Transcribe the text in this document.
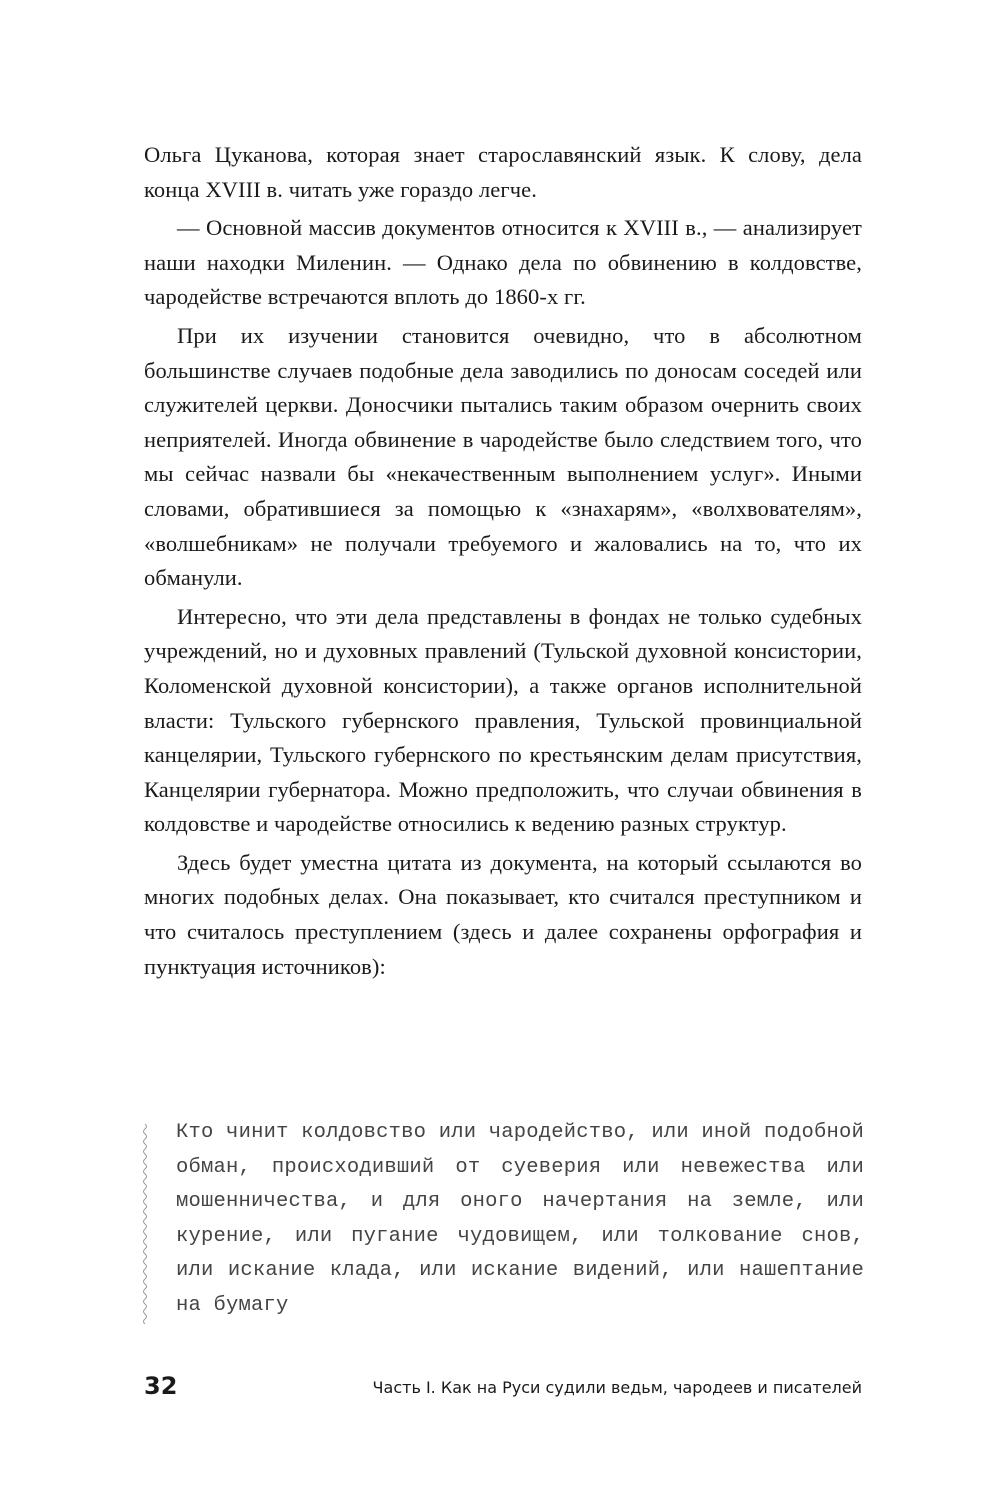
Ольга Цуканова, которая знает старославянский язык. К слову, дела конца XVIII в. читать уже гораздо легче.

— Основной массив документов относится к XVIII в., — анализирует наши находки Миленин. — Однако дела по обвинению в колдовстве, чародействе встречаются вплоть до 1860-х гг.

При их изучении становится очевидно, что в абсолютном большинстве случаев подобные дела заводились по доносам соседей или служителей церкви. Доносчики пытались таким образом очернить своих неприятелей. Иногда обвинение в чародействе было следствием того, что мы сейчас назвали бы «некачественным выполнением услуг». Иными словами, обратившиеся за помощью к «знахарям», «волхвователям», «волшебникам» не получали требуемого и жаловались на то, что их обманули.

Интересно, что эти дела представлены в фондах не только судебных учреждений, но и духовных правлений (Тульской духовной консистории, Коломенской духовной консистории), а также органов исполнительной власти: Тульского губернского правления, Тульской провинциальной канцелярии, Тульского губернского по крестьянским делам присутствия, Канцелярии губернатора. Можно предположить, что случаи обвинения в колдовстве и чародействе относились к ведению разных структур.

Здесь будет уместна цитата из документа, на который ссылаются во многих подобных делах. Она показывает, кто считался преступником и что считалось преступлением (здесь и далее сохранены орфография и пунктуация источников):

Кто чинит колдовство или чародейство, или иной подобной обман, происходивший от суеверия или невежества или мошенничества, и для оного начертания на земле, или курение, или пугание чудовищем, или толкование снов, или искание клада, или искание видений, или нашептание на бумагу
32	Часть I. Как на Руси судили ведьм, чародеев и писателей
